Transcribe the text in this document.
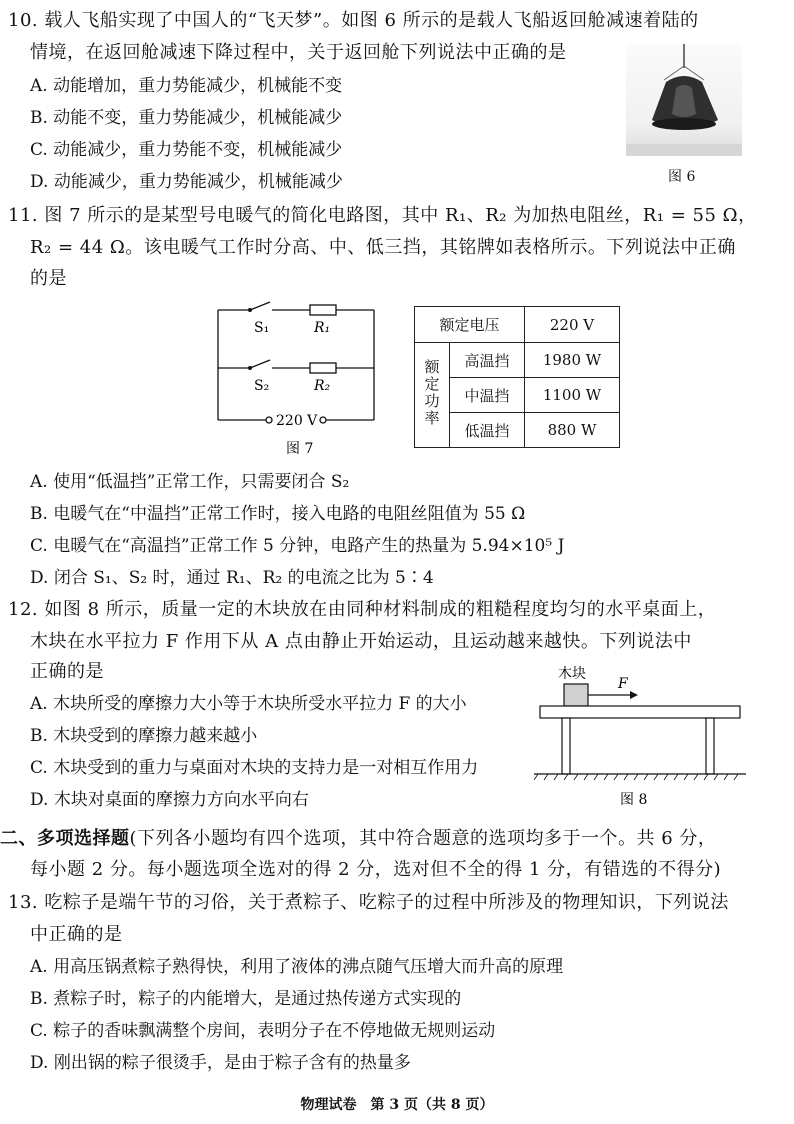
10. 载人飞船实现了中国人的“飞天梦”。如图 6 所示的是载人飞船返回舱减速着陆的
情境，在返回舱减速下降过程中，关于返回舱下列说法中正确的是
A. 动能增加，重力势能减少，机械能不变
B. 动能不变，重力势能减少，机械能减少
C. 动能减少，重力势能不变，机械能减少
D. 动能减少，重力势能减少，机械能减少	图 6
11. 图 7 所示的是某型号电暖气的简化电路图，其中 R₁、R₂ 为加热电阻丝，R₁ = 55 Ω，
R₂ = 44 Ω。该电暖气工作时分高、中、低三挡，其铭牌如表格所示。下列说法中正确
的是
S₁	R₁
S₂	R₂
220 V
图 7
额定电压		220 V
额定功率	高温挡	1980 W
	中温挡	1100 W
	低温挡	880 W
A. 使用“低温挡”正常工作，只需要闭合 S₂
B. 电暖气在“中温挡”正常工作时，接入电路的电阻丝阻值为 55 Ω
C. 电暖气在“高温挡”正常工作 5 分钟，电路产生的热量为 5.94×10⁵ J
D. 闭合 S₁、S₂ 时，通过 R₁、R₂ 的电流之比为 5∶4
12. 如图 8 所示，质量一定的木块放在由同种材料制成的粗糙程度均匀的水平桌面上，
木块在水平拉力 F 作用下从 A 点由静止开始运动，且运动越来越快。下列说法中
正确的是
A. 木块所受的摩擦力大小等于木块所受水平拉力 F 的大小
B. 木块受到的摩擦力越来越小
C. 木块受到的重力与桌面对木块的支持力是一对相互作用力
D. 木块对桌面的摩擦力方向水平向右
木块
F
图 8
二、多项选择题(下列各小题均有四个选项，其中符合题意的选项均多于一个。共 6 分，
每小题 2 分。每小题选项全选对的得 2 分，选对但不全的得 1 分，有错选的不得分)
13. 吃粽子是端午节的习俗，关于煮粽子、吃粽子的过程中所涉及的物理知识，下列说法
中正确的是
A. 用高压锅煮粽子熟得快，利用了液体的沸点随气压增大而升高的原理
B. 煮粽子时，粽子的内能增大，是通过热传递方式实现的
C. 粽子的香味飘满整个房间，表明分子在不停地做无规则运动
D. 刚出锅的粽子很烫手，是由于粽子含有的热量多
物理试卷　第 3 页（共 8 页）
